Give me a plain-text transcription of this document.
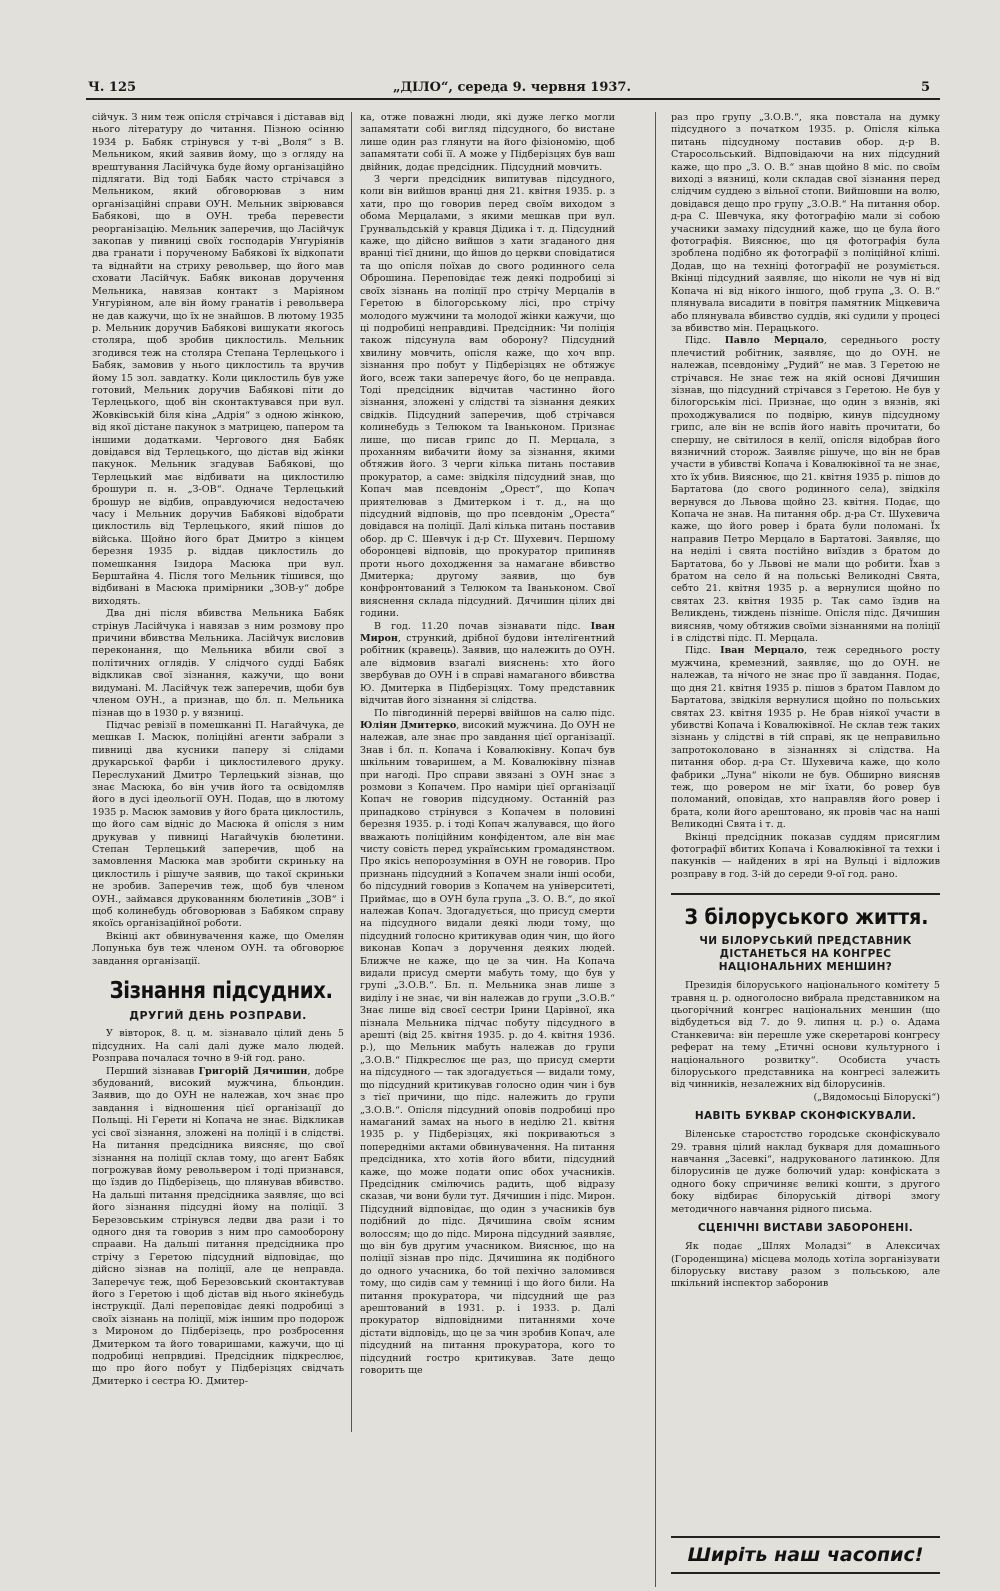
Ч. 125	„ДІЛО“, середа 9. червня 1937.	5

сійчук. З ним теж опісля стрічався і діставав від нього літературу до читання. Пізною осінню 1934 р. Бабяк стрінувся у т-ві „Воля“ з В. Мельником, який заявив йому, що з огляду на врештування Ласійчука буде йому організаційно підлягати. Від тоді Бабяк часто стрічався з Мельником, який обговорював з ним організаційні справи ОУН. Мельник звірювався Бабякові, що в ОУН. треба перевести реорганізацію. Мельник заперечив, що Ласійчук закопав у пивниці своїх господарів Унгуріянів два гранати і порученому Бабякові їх відкопати та віднайти на стриху револьвер, що його мав сховати Ласійчук. Бабяк виконав доручення Мельника, навязав контакт з Маріяном Унгуріяном, але він йому гранатів і револьвера не дав кажучи, що їх не знайшов. В лютому 1935 р. Мельник доручив Бабякові вишукати якогось столяра, щоб зробив циклостиль. Мельник згодився теж на столяра Степана Терлецького і Бабяк, замовив у нього циклостиль та вручив йому 15 зол. завдатку. Коли циклостиль був уже готовий, Мельник доручив Бабякові піти до Терлецького, щоб він сконтактувався при вул. Жовківській біля кіна „Адрія“ з одною жінкою, від якої дістане пакунок з матрицею, папером та іншими додатками. Чергового дня Бабяк довідався від Терлецького, що дістав від жінки пакунок. Мельник згадував Бабякові, що Терлецький має відбивати на циклостилю брошури п. н. „З-ОВ“. Одначе Терлецький брошур не відбив, оправдуючися недостачею часу і Мельник доручив Бабякові відобрати циклостиль від Терлецького, який пішов до війська. Щойно його брат Дмитро з кінцем березня 1935 р. віддав циклостиль до помешкання Ізидора Масюка при вул. Берштайна 4. Після того Мельник тішився, що відбивані в Масюка примірники „ЗОВ-у“ добре виходять.

Два дні після вбивства Мельника Бабяк стрінув Ласійчука і навязав з ним розмову про причини вбивства Мельника. Ласійчук висловив переконання, що Мельника вбили свої з політичних оглядів. У слідчого судді Бабяк відкликав свої зізнання, кажучи, що вони видумані. М. Ласійчук теж заперечив, щоби був членом ОУН., а признав, що бл. п. Мельника пізнав що в 1930 р. у вязниці.

Підчас ревізії в помешканні П. Нагайчука, де мешкав І. Масюк, поліційні агенти забрали з пивниці два кусники паперу зі слідами друкарської фарби і циклостилевого друку. Переслуханий Дмитро Терлецький зізнав, що знає Масюка, бо він учив його та освідомляв його в дусі ідеольогії ОУН. Подав, що в лютому 1935 р. Масюк замовив у його брата циклостиль, що його сам відніс до Масюка й опісля з ним друкував у пивниці Нагайчуків бюлетини. Степан Терлецький заперечив, щоб на замовлення Масюка мав зробити скриньку на циклостиль і рішуче заявив, що такої скриньки не зробив. Заперечив теж, щоб був членом ОУН., займався друкованням бюлетинів „ЗОВ“ і щоб колинебудь обговорював з Бабяком справу якоїсь організаційної роботи.

Вкінці акт обвинувачення каже, що Омелян Лопунька був теж членом ОУН. та обговорює завдання організації.

Зізнання підсудних.
ДРУГИЙ ДЕНЬ РОЗПРАВИ.

У вівторок, 8. ц. м. зізнавало цілий день 5 підсудних. На салі далі дуже мало людей. Розправа почалася точно в 9-ій год. рано.

Перший зізнавав Григорій Дячишин, добре збудований, високий мужчина, бльондин. Заявив, що до ОУН не належав, хоч знає про завдання і відношення цієї організації до Польщі. Ні Герети ні Копача не знає. Відкликав усі свої зізнання, зложені на поліції і в слідстві. На питання предсідника виясняє, що свої зізнання на поліції склав тому, що агент Бабяк погрожував йому револьвером і тоді признався, що їздив до Підберізець, що плянував вбивство. На дальші питання предсідника заявляє, що всі його зізнання підсудні йому на поліції. З Березовським стрінувся ледви два рази і то одного дня та говорив з ним про самооборону спраави. На дальші питання предсідника про стрічу з Геретою підсудний відповідає, що дійсно зізнав на поліції, але це неправда. Заперечує теж, щоб Березовський сконтактував його з Геретою і щоб дістав від нього якінебудь інструкції. Далі переповідає деякі подробиці з своїх зізнань на поліції, між іншим про подорож з Мироном до Підберізець, про розбросення Дмитерком та його товаришами, кажучи, що ці подробиці непрвдиві. Предсідник підкреслює, що про його побут у Підберізцях свідчать Дмитерко і сестра Ю. Дмитер-

ка, отже поважні люди, які дуже легко могли запамятати собі вигляд підсудного, бо вистане лише один раз глянути на його фізіономію, щоб запамятати собі її. А може у Підберізцях був ваш двійник, додає предсідник. Підсудний мовчить.

З черги предсідник випитував підсудного, коли він вийшов вранці дня 21. квітня 1935. р. з хати, про що говорив перед своїм виходом з обома Мерцалами, з якими мешкав при вул. Грунвальдській у кравця Дідика і т. д. Підсудний каже, що дійсно вийшов з хати згаданого дня вранці тієї днини, що йшов до церкви сповідатися та що опісля поїхав до свого родинного села Оброшина. Переповідає теж деякі подробиці зі своїх зізнань на поліції про стрічу Мерцалів в Геретою в білогорському лісі, про стрічу молодого мужчини та молодої жінки кажучи, що ці подробиці неправдиві. Предсідник: Чи поліція також підсунула вам оборону? Підсудний хвилину мовчить, опісля каже, що хоч впр. зізнання про побут у Підберізцях не обтяжує його, всеж таки заперечує його, бо це неправда. Тоді предсідник відчитав частинно його зізнання, зложені у слідстві та зізнання деяких свідків. Підсудний заперечив, щоб стрічався колинебудь з Телюком та Іваньконом. Признає лише, що писав грипс до П. Мерцала, з проханням вибачити йому за зізнання, якими обтяжив його. З черги кілька питань поставив прокуратор, а саме: звідкіля підсудний знав, що Копач мав псевдонім „Орест“, що Копач приятелював з Дмитерком і т. д., на що підсудний відповів, що про псевдонім „Ореста“ довідався на поліції. Далі кілька питань поставив обор. др С. Шевчук і д-р Ст. Шухевич. Першому оборонцеві відповів, що прокуратор припиняв проти нього доходження за намагане вбивство Дмитерка; другому заявив, що був конфронтований з Телюком та Іваньконом. Свої вияснення склада підсудний. Дячишин цілих дві години.

В год. 11.20 почав зізнавати підс. Іван Мирон, стрункий, дрібної будови інтелігентний робітник (кравець). Заявив, що належить до ОУН. але відмовив взагалі вияснень: хто його звербував до ОУН і в справі намаганого вбивства Ю. Дмитерка в Підберізцях. Тому представник відчитав його зізнання зі слідства.

По півгодинній перерві ввійшов на салю підс. Юліян Дмитерко, високий мужчина. До ОУН не належав, але знає про завдання цієї організації. Знав і бл. п. Копача і Ковалюківну. Копач був шкільним товаришем, а М. Ковалюківну пізнав при нагоді. Про справи звязані з ОУН знає з розмови з Копачем. Про наміри цієї організації Копач не говорив підсудному. Останній раз припадково стрінувся з Копачем в половині березня 1935. р. і тоді Копач жалувався, що його вважають поліційним конфідентом, але він має чисту совість перед українським громадянством. Про якісь непорозуміння в ОУН не говорив. Про признань підсудний з Копачем знали інші особи, бо підсудний говорив з Копачем на університеті, Приймає, що в ОУН була група „З. О. В.“, до якої належав Копач. Здогадується, що присуд смерти на підсудного видали деякі люди тому, що підсудний голосно критикував один чин, що його виконав Копач з доручення деяких людей. Ближче не каже, що це за чин. На Копача видали присуд смерти мабуть тому, що був у групі „З.О.В.“. Бл. п. Мельника знав лише з виділу і не знає, чи він належав до групи „З.О.В.“ Знає лише від своєї сестри Ірини Царівної, яка пізнала Мельника підчас побуту підсудного в арешті (від 25. квітня 1935. р. до 4. квітня 1936. р.), що Мельник мабуть належав до групи „З.О.В.“ Підкреслює ще раз, що присуд смерти на підсудного — так здогадується — видали тому, що підсудний критикував голосно один чин і був з тієї причини, що підс. належить до групи „З.О.В.“. Опісля підсудний оповів подробиці про намаганий замах на нього в неділю 21. квітня 1935 р. у Підберізцях, які покриваються з попередніми актами обвинувачення. На питання предсідника, хто хотів його вбити, підсудний каже, що може подати опис обох учасників. Предсідник смілючись радить, щоб відразу сказав, чи вони були тут. Дячишин і підс. Мирон. Підсудний відповідає, що один з учасників був подібний до підс. Дячишина своїм ясним волоссям; що до підс. Мирона підсудний заявляє, що він був другим учасником. Вияснює, що на поліції зізнав про підс. Дячишина як подібного до одного учасника, бо той пехічно заломився тому, що сидів сам у темниці і що його били. На питання прокуратора, чи підсудний ще раз арештований в 1931. р. і 1933. р. Далі прокуратор відповідними питаннями хоче дістати відповідь, що це за чин зробив Копач, але підсудний на питання прокуратора, кого то підсудний гостро критикував. Зате дещо говорить ще

раз про групу „З.О.В.“, яка повстала на думку підсудного з початком 1935. р. Опісля кілька питань підсудному поставив обор. д-р В. Старосольський. Відповідаючи на них підсудний каже, що про „З. О. В.“ знав щойно 8 міс. по своїм виході з вязниці, коли складав свої зізнання перед слідчим суддею з вільної стопи. Вийшовши на волю, довідався дещо про групу „З.О.В.“ На питання обор. д-ра С. Шевчука, яку фотографію мали зі собою учасники замаху підсудний каже, що це була його фотографія. Вияснює, що ця фотографія була зроблена подібно як фотографії з поліційної кліші. Додав, що на техніці фотографії не розуміється. Вкінці підсудний заявляє, що ніколи не чув ні від Копача ні від нікого іншого, щоб група „З. О. В.“ плянувала висадити в повітря памятник Міцкевича або плянувала вбивство суддів, які судили у процесі за вбивство мін. Перацького.

Підс. Павло Мерцало, середнього росту плечистий робітник, заявляє, що до ОУН. не належав, псевдоніму „Рудий“ не мав. З Геретою не стрічався. Не знає теж на якій основі Дячишин зізнав, що підсудний стрічався з Геретою. Не був у білогорськім лісі. Признає, що один з вязнів, які проходжувалися по подвірю, кинув підсудному грипс, але він не вспів його навіть прочитати, бо спершу, не світилося в келії, опісля відобрав його вязничний сторож. Заявляє рішуче, що він не брав участи в убивстві Копача і Ковалюківної та не знає, хто їх убив. Вияснює, що 21. квітня 1935 р. пішов до Бартатова (до свого родинного села), звідкіля вернувся до Львова щойно 23. квітня. Подає, що Копача не знав. На питання обр. д-ра Ст. Шухевича каже, що його ровер і брата були поломані. Їх направив Петро Мерцало в Бартатові. Заявляє, що на неділі і свята постійно виїздив з братом до Бартатова, бо у Львові не мали що робити. Їхав з братом на село й на польські Великодні Свята, себто 21. квітня 1935 р. а вернулися щойно по святах 23. квітня 1935 р. Так само їздив на Великдень, тиждень пізніше. Опісля підс. Дячишин виясняв, чому обтяжив своїми зізнаннями на поліції і в слідстві підс. П. Мерцала.

Підс. Іван Мерцало, теж середнього росту мужчина, кремезний, заявляє, що до ОУН. не належав, та нічого не знає про її завдання. Подає, що дня 21. квітня 1935 р. пішов з братом Павлом до Бартатова, звідкіля вернулися щойно по польських святах 23. квітня 1935 р. Не брав ніякої участи в убивстві Копача і Ковалюківної. Не склав теж таких зізнань у слідстві в тій справі, як це неправильно запротоколовано в зізнаннях зі слідства. На питання обор. д-ра Ст. Шухевича каже, що коло фабрики „Луна“ ніколи не був. Обширно виясняв теж, що ровером не міг їхати, бо ровер був поломаний, оповідав, хто направляв його ровер і брата, коли його арештовано, як провів час на наші Великодні Свята і т. д.

Вкінці предсідник показав суддям присяглим фотографії вбитих Копача і Ковалюківної та техки і пакунків — найдених в ярі на Вульці і відложив розправу в год. 3-ій до середи 9-ої год. рано.

З білоруського життя.
ЧИ БІЛОРУСЬКИЙ ПРЕДСТАВНИК ДІСТАНЕТЬСЯ НА КОНГРЕС НАЦІОНАЛЬНИХ МЕНШИН?

Президія білоруського національного комітету 5 травня ц. р. одноголосно вибрала представником на цьогорічний конгрес національних меншин (що відбудеться від 7. до 9. липня ц. р.) о. Адама Станкевича: він перешле уже скеретарові конгресу реферат на тему „Етичні основи культурного і національного розвитку“. Особиста участь білоруського представника на конгресі залежить від чинників, незалежних від білорусинів.

(„Вядомосьці Білорускі“)

НАВІТЬ БУКВАР СКОНФІСКУВАЛИ.

Віленське старостство городське сконфіскувало 29. травня цілий наклад букваря для домашнього навчання „Засевкі“, надрукованого латинкою. Для білорусинів це дуже болючий удар: конфіската з одного боку спричиняє великі кошти, з другого боку відбирає білоруській дітворі змогу методичного навчання рідного письма.

СЦЕНІЧНІ ВИСТАВИ ЗАБОРОНЕНІ.

Як подає „Шлях Моладзі“ в Алексичах (Городенщина) місцева молодь хотіла зорганізувати білоруську виставу разом з польською, але шкільний інспектор заборонив

Ширіть наш часопис!
